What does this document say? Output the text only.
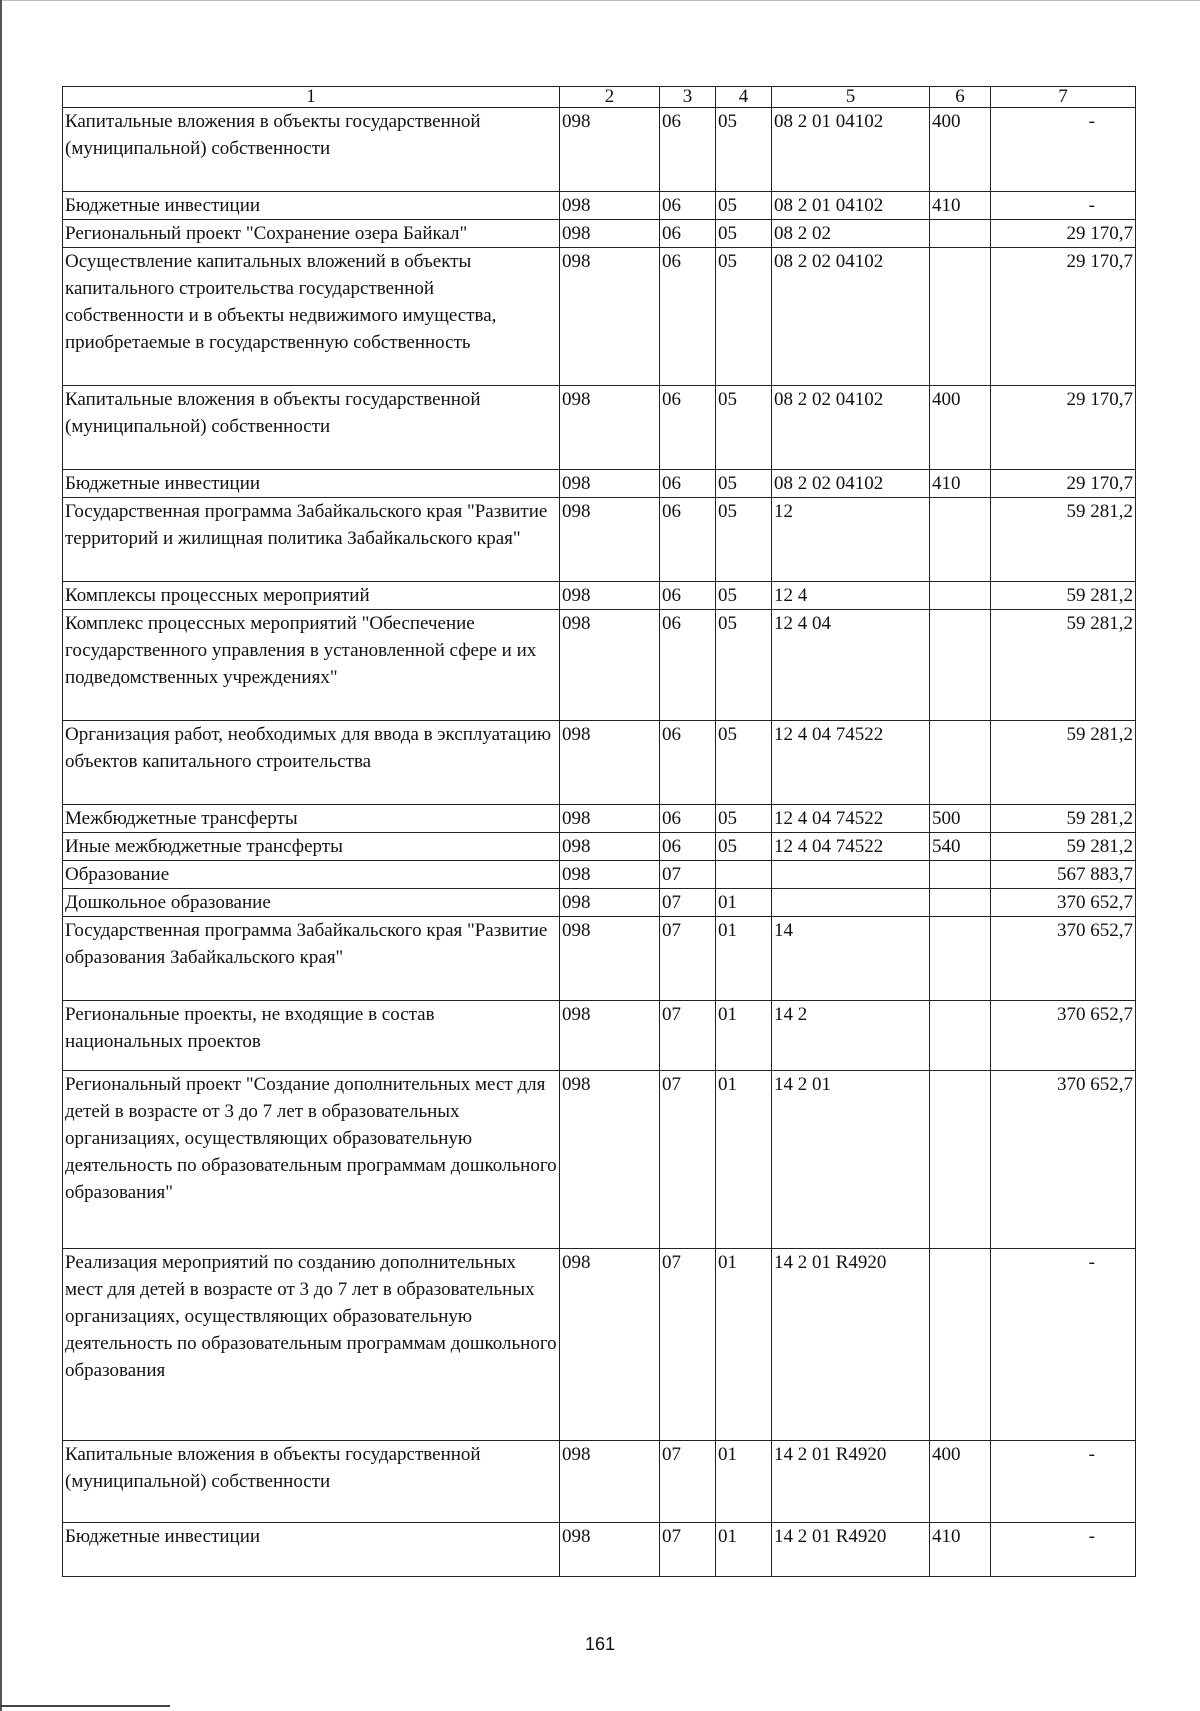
1	2	3	4	5	6	7
Капитальные вложения в объекты государственной (муниципальной) собственности	098	06	05	08 2 01 04102	400	-
Бюджетные инвестиции	098	06	05	08 2 01 04102	410	-
Региональный проект "Сохранение озера Байкал"	098	06	05	08 2 02		29 170,7
Осуществление капитальных вложений в объекты капитального строительства государственной собственности и в объекты недвижимого имущества, приобретаемые в государственную собственность	098	06	05	08 2 02 04102		29 170,7
Капитальные вложения в объекты государственной (муниципальной) собственности	098	06	05	08 2 02 04102	400	29 170,7
Бюджетные инвестиции	098	06	05	08 2 02 04102	410	29 170,7
Государственная программа Забайкальского края "Развитие территорий и жилищная политика Забайкальского края"	098	06	05	12		59 281,2
Комплексы процессных мероприятий	098	06	05	12 4		59 281,2
Комплекс процессных мероприятий "Обеспечение государственного управления в установленной сфере и их подведомственных учреждениях"	098	06	05	12 4 04		59 281,2
Организация работ, необходимых для ввода в эксплуатацию объектов капитального строительства	098	06	05	12 4 04 74522		59 281,2
Межбюджетные трансферты	098	06	05	12 4 04 74522	500	59 281,2
Иные межбюджетные трансферты	098	06	05	12 4 04 74522	540	59 281,2
Образование	098	07				567 883,7
Дошкольное образование	098	07	01			370 652,7
Государственная программа Забайкальского края "Развитие образования Забайкальского края"	098	07	01	14		370 652,7
Региональные проекты, не входящие в состав национальных проектов	098	07	01	14 2		370 652,7
Региональный проект "Создание дополнительных мест для детей в возрасте от 3 до 7 лет в образовательных организациях, осуществляющих образовательную деятельность по образовательным программам дошкольного образования"	098	07	01	14 2 01		370 652,7
Реализация мероприятий по созданию дополнительных мест для детей в возрасте от 3 до 7 лет в образовательных организациях, осуществляющих образовательную деятельность по образовательным программам дошкольного образования	098	07	01	14 2 01 R4920		-
Капитальные вложения в объекты государственной (муниципальной) собственности	098	07	01	14 2 01 R4920	400	-
Бюджетные инвестиции	098	07	01	14 2 01 R4920	410	-
161
